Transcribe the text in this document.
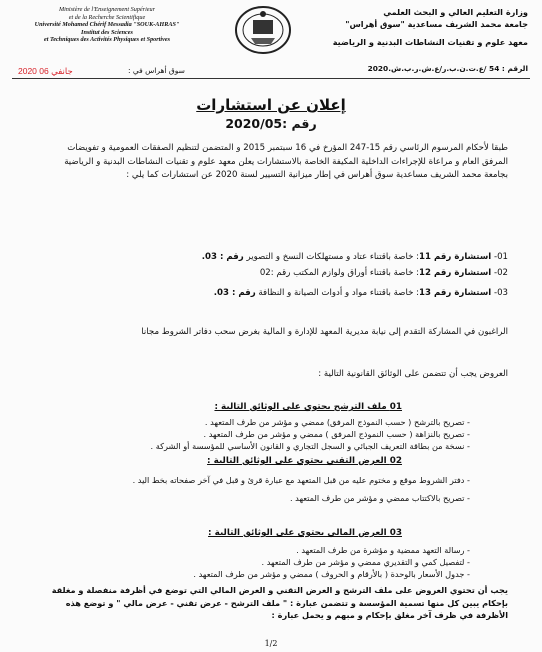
Ministère de l'Enseignement Supérieur
et de la Recherche Scientifique
Université Mohamed Chérif Messadia "SOUK-AHRAS"
Institut des Sciences
et Techniques des Activités Physiques et Sportives
وزارة التعليم العالي و البحث العلمي
جامعة محمد الشريف مساعدية "سوق أهراس"
معهد علوم و تقنيات النشاطات البدنية و الرياضية
2020 جانفي 06	سوق أهراس في :	الرقم : 54 /ع.ت.ن.ب.ر/ع.ش.ر.ب.ش.2020
إعلان عن استشارات
رقم :2020/05
طبقا لأحكام المرسوم الرئاسي رقم 15-247 المؤرخ في 16 سبتمبر 2015 و المتضمن لتنظيم الصفقات العمومية و تفويضات المرفق العام و مراعاة للإجراءات الداخلية المكيفة الخاصة بالاستشارات يعلن معهد علوم و تقنيات النشاطات البدنية و الرياضية بجامعة محمد الشريف مساعدية سوق أهراس في إطار ميزانية التسيير لسنة 2020 عن استشارات كما يلي :
01- استشارة رقم 11: خاصة باقتناء عتاد و مستهلكات النسخ و التصوير رقم : 03.
02- استشارة رقم 12: خاصة باقتناء أوراق ولوازم المكتب رقم :02
03- استشارة رقم 13: خاصة باقتناء مواد و أدوات الصيانة و النظافة رقم : 03.
الراغبون في المشاركة التقدم إلى نيابة مديرية المعهد للإدارة و المالية بغرض سحب دفاتر الشروط مجانا
العروض يجب أن تتضمن على الوثائق القانونية التالية :
01 ملف الترشح يحتوي على الوثائق التالية :
- تصريح بالترشح ( حسب النموذج المرفق) ممضي و مؤشر من طرف المتعهد .
- تصريح بالنزاهة ( حسب النموذج المرفق ) ممضي و مؤشر من طرف المتعهد .
- نسخة من بطاقة التعريف الجبائي و السجل التجاري و القانون الأساسي للمؤسسة أو الشركة .
02 العرض التقني يحتوي على الوثائق التالية :
- دفتر الشروط موقع و مختوم عليه من قبل المتعهد مع عبارة قرئ و قبل في آخر صفحاته بخط اليد .
- تصريح بالاكتتاب ممضي و مؤشر من طرف المتعهد .
03 العرض المالي يحتوي على الوثائق التالية :
- رسالة التعهد ممضية و مؤشرة من طرف المتعهد .
- لتفصيل كمي و التقديري ممضي و مؤشر من طرف المتعهد .
- جدول الأسعار بالوحدة ( بالأرقام و الحروف ) ممضي و مؤشر من طرف المتعهد .
يجب أن تحتوي العروض على ملف الترشح و العرض التقني و العرض المالي التي توضع في أظرفة منفصلة و مغلقة بإحكام يبين كل منها تسمية المؤسسة و تتضمن عبارة : " ملف الترشح - عرض تقني - عرض مالي " و توضع هذه الأظرفة في ظرف آخر مغلق بإحكام و مبهم و يحمل عبارة :
1/2
